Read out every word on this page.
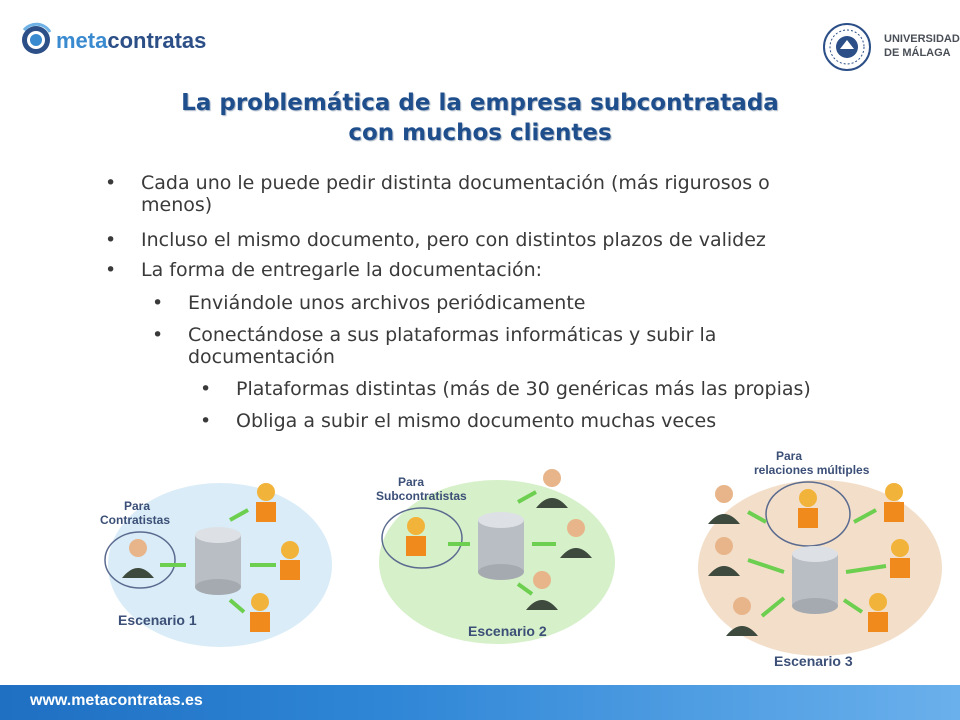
metacontratas	UNIVERSIDAD
DE MÁLAGA
La problemática de la empresa subcontratada
con muchos clientes
• Cada uno le puede pedir distinta documentación (más rigurosos o
menos)
• Incluso el mismo documento, pero con distintos plazos de validez
• La forma de entregarle la documentación:
• Enviándole unos archivos periódicamente
• Conectándose a sus plataformas informáticas y subir la
documentación
• Plataformas distintas (más de 30 genéricas más las propias)
• Obliga a subir el mismo documento muchas veces
Para
Contratistas
Escenario 1
Para
Subcontratistas
Escenario 2
Para
relaciones múltiples
Escenario 3
www.metacontratas.es
